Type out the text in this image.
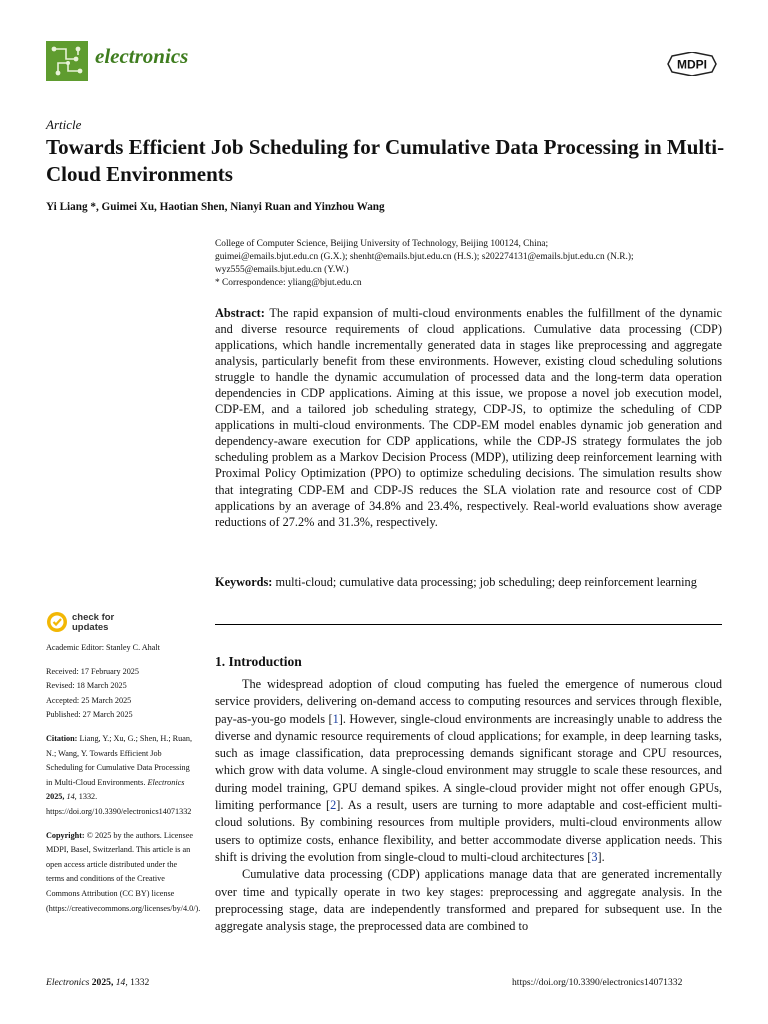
electronics	MDPI
Article
Towards Efficient Job Scheduling for Cumulative Data Processing in Multi-Cloud Environments
Yi Liang *, Guimei Xu, Haotian Shen, Nianyi Ruan and Yinzhou Wang
College of Computer Science, Beijing University of Technology, Beijing 100124, China;
guimei@emails.bjut.edu.cn (G.X.); shenht@emails.bjut.edu.cn (H.S.); s202274131@emails.bjut.edu.cn (N.R.);
wyz555@emails.bjut.edu.cn (Y.W.)
* Correspondence: yliang@bjut.edu.cn
Abstract: The rapid expansion of multi-cloud environments enables the fulfillment of the dynamic and diverse resource requirements of cloud applications. Cumulative data processing (CDP) applications, which handle incrementally generated data in stages like preprocessing and aggregate analysis, particularly benefit from these environments. However, existing cloud scheduling solutions struggle to handle the dynamic accumulation of processed data and the long-term data operation dependencies in CDP applications. Aiming at this issue, we propose a novel job execution model, CDP-EM, and a tailored job scheduling strategy, CDP-JS, to optimize the scheduling of CDP applications in multi-cloud environments. The CDP-EM model enables dynamic job generation and dependency-aware execution for CDP applications, while the CDP-JS strategy formulates the job scheduling problem as a Markov Decision Process (MDP), utilizing deep reinforcement learning with Proximal Policy Optimization (PPO) to optimize scheduling decisions. The simulation results show that integrating CDP-EM and CDP-JS reduces the SLA violation rate and resource cost of CDP applications by an average of 34.8% and 23.4%, respectively. Real-world evaluations show average reductions of 27.2% and 31.3%, respectively.
Keywords: multi-cloud; cumulative data processing; job scheduling; deep reinforcement learning
check for
updates

Academic Editor: Stanley C. Ahalt

Received: 17 February 2025

Revised: 18 March 2025

Accepted: 25 March 2025

Published: 27 March 2025

Citation: Liang, Y.; Xu, G.; Shen, H.; Ruan, N.; Wang, Y. Towards Efficient Job Scheduling for Cumulative Data Processing in Multi-Cloud Environments. Electronics 2025, 14, 1332. https://doi.org/10.3390/electronics14071332

Copyright: © 2025 by the authors. Licensee MDPI, Basel, Switzerland. This article is an open access article distributed under the terms and conditions of the Creative Commons Attribution (CC BY) license (https://creativecommons.org/licenses/by/4.0/).

1. Introduction

The widespread adoption of cloud computing has fueled the emergence of numerous cloud service providers, delivering on-demand access to computing resources and services through flexible, pay-as-you-go models [1]. However, single-cloud environments are increasingly unable to address the diverse and dynamic resource requirements of cloud applications; for example, in deep learning tasks, such as image classification, data preprocessing demands significant storage and CPU resources, which grow with data volume. A single-cloud environment may struggle to scale these resources, and during model training, GPU demand spikes. A single-cloud provider might not offer enough GPUs, limiting performance [2]. As a result, users are turning to more adaptable and cost-efficient multi-cloud solutions. By combining resources from multiple providers, multi-cloud environments allow users to optimize costs, enhance flexibility, and better accommodate diverse application needs. This shift is driving the evolution from single-cloud to multi-cloud architectures [3].

Cumulative data processing (CDP) applications manage data that are generated incrementally over time and typically operate in two key stages: preprocessing and aggregate analysis. In the preprocessing stage, data are independently transformed and prepared for subsequent use. In the aggregate analysis stage, the preprocessed data are combined to

Electronics 2025, 14, 1332	https://doi.org/10.3390/electronics14071332
